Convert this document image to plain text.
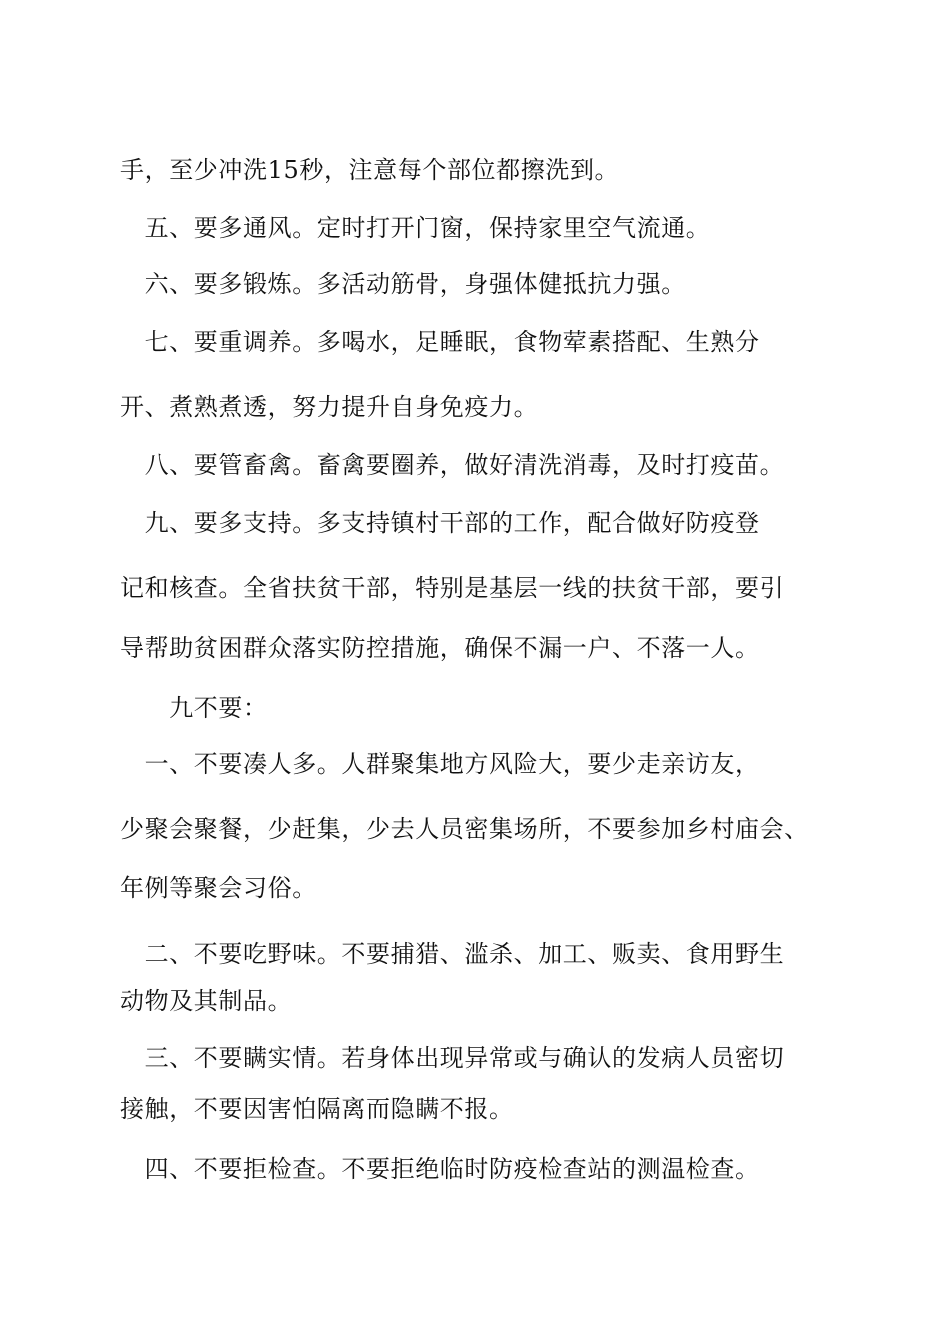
手，至少冲洗15秒，注意每个部位都擦洗到。
　五、要多通风。定时打开门窗，保持家里空气流通。
　六、要多锻炼。多活动筋骨，身强体健抵抗力强。
　七、要重调养。多喝水，足睡眠，食物荤素搭配、生熟分
开、煮熟煮透，努力提升自身免疫力。
　八、要管畜禽。畜禽要圈养，做好清洗消毒，及时打疫苗。
　九、要多支持。多支持镇村干部的工作，配合做好防疫登
记和核查。全省扶贫干部，特别是基层一线的扶贫干部，要引
导帮助贫困群众落实防控措施，确保不漏一户、不落一人。
　　九不要：
　一、不要凑人多。人群聚集地方风险大，要少走亲访友，
少聚会聚餐，少赶集，少去人员密集场所，不要参加乡村庙会、
年例等聚会习俗。
　二、不要吃野味。不要捕猎、滥杀、加工、贩卖、食用野生
动物及其制品。
　三、不要瞒实情。若身体出现异常或与确认的发病人员密切
接触，不要因害怕隔离而隐瞒不报。
　四、不要拒检查。不要拒绝临时防疫检查站的测温检查。
